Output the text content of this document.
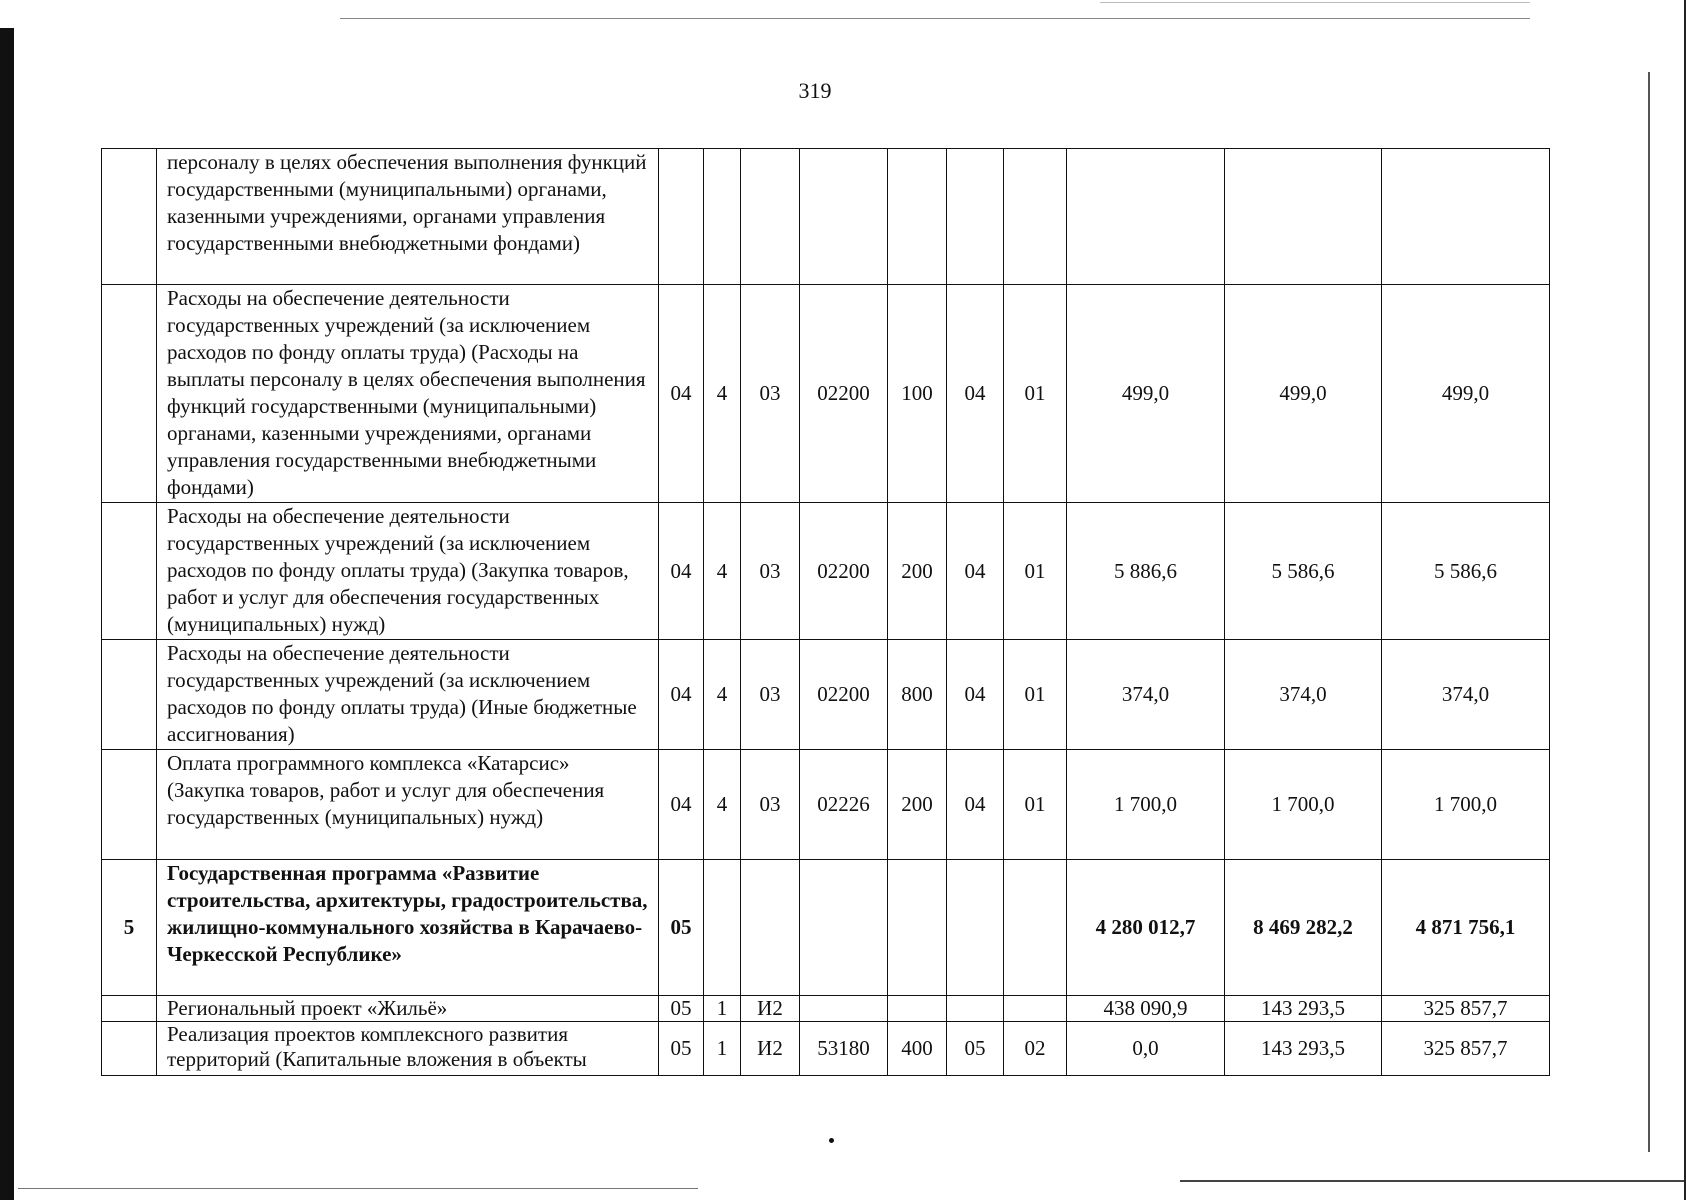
319
	персоналу в целях обеспечения выполнения функций государственными (муниципальными) органами, казенными учреждениями, органами управления государственными внебюджетными фондами)										
	Расходы на обеспечение деятельности государственных учреждений (за исключением расходов по фонду оплаты труда) (Расходы на выплаты персоналу в целях обеспечения выполнения функций государственными (муниципальными) органами, казенными учреждениями, органами управления государственными внебюджетными фондами)	04	4	03	02200	100	04	01	499,0	499,0	499,0
	Расходы на обеспечение деятельности государственных учреждений (за исключением расходов по фонду оплаты труда) (Закупка товаров, работ и услуг для обеспечения государственных (муниципальных) нужд)	04	4	03	02200	200	04	01	5 886,6	5 586,6	5 586,6
	Расходы на обеспечение деятельности государственных учреждений (за исключением расходов по фонду оплаты труда) (Иные бюджетные ассигнования)	04	4	03	02200	800	04	01	374,0	374,0	374,0
	Оплата программного комплекса «Катарсис» (Закупка товаров, работ и услуг для обеспечения государственных (муниципальных) нужд)	04	4	03	02226	200	04	01	1 700,0	1 700,0	1 700,0
5	Государственная программа «Развитие строительства, архитектуры, градостроительства, жилищно-коммунального хозяйства в Карачаево-Черкесской Республике»	05							4 280 012,7	8 469 282,2	4 871 756,1
	Региональный проект «Жильё»	05	1	И2					438 090,9	143 293,5	325 857,7
	Реализация проектов комплексного развития территорий (Капитальные вложения в объекты	05	1	И2	53180	400	05	02	0,0	143 293,5	325 857,7
